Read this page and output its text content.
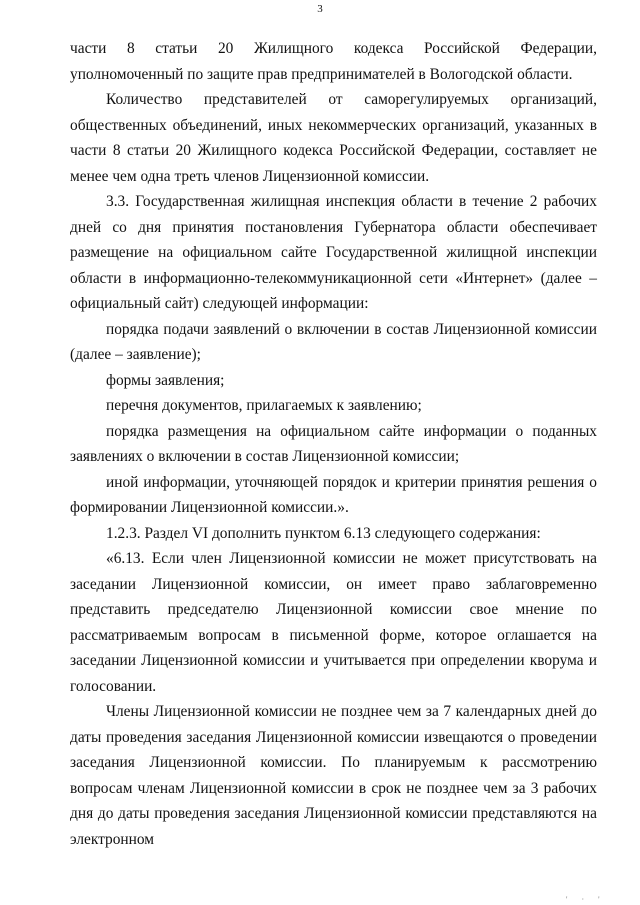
3

части 8 статьи 20 Жилищного кодекса Российской Федерации, уполномоченный по защите прав предпринимателей в Вологодской области.

Количество представителей от саморегулируемых организаций, общественных объединений, иных некоммерческих организаций, указанных в части 8 статьи 20 Жилищного кодекса Российской Федерации, составляет не менее чем одна треть членов Лицензионной комиссии.

3.3. Государственная жилищная инспекция области в течение 2 рабочих дней со дня принятия постановления Губернатора области обеспечивает размещение на официальном сайте Государственной жилищной инспекции области в информационно-телекоммуникационной сети «Интернет» (далее – официальный сайт) следующей информации:

порядка подачи заявлений о включении в состав Лицензионной комиссии (далее – заявление);

формы заявления;

перечня документов, прилагаемых к заявлению;

порядка размещения на официальном сайте информации о поданных заявлениях о включении в состав Лицензионной комиссии;

иной информации, уточняющей порядок и критерии принятия решения о формировании Лицензионной комиссии.».

1.2.3. Раздел VI дополнить пунктом 6.13 следующего содержания:

«6.13. Если член Лицензионной комиссии не может присутствовать на заседании Лицензионной комиссии, он имеет право заблаговременно представить председателю Лицензионной комиссии свое мнение по рассматриваемым вопросам в письменной форме, которое оглашается на заседании Лицензионной комиссии и учитывается при определении кворума и голосовании.

Члены Лицензионной комиссии не позднее чем за 7 календарных дней до даты проведения заседания Лицензионной комиссии извещаются о проведении заседания Лицензионной комиссии. По планируемым к рассмотрению вопросам членам Лицензионной комиссии в срок не позднее чем за 3 рабочих дня до даты проведения заседания Лицензионной комиссии представляются на электронном

' · '
